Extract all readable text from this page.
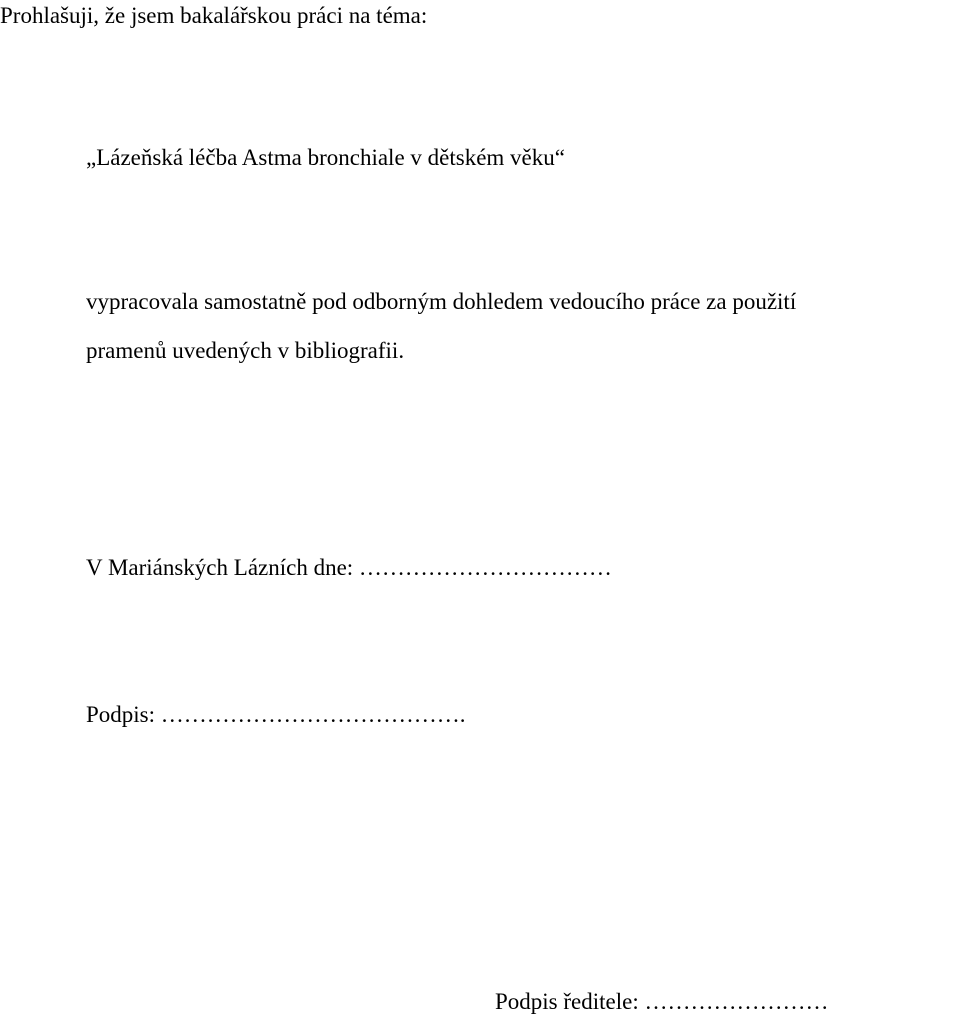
Prohlašuji, že jsem bakalářskou práci na téma:

„Lázeňská léčba Astma bronchiale v dětském věku“

vypracovala samostatně pod odborným dohledem vedoucího práce za použití

pramenů uvedených v bibliografii.

V Mariánských Lázních dne: ……………………………

Podpis: ………………………………….

Podpis ředitele: ……………………
